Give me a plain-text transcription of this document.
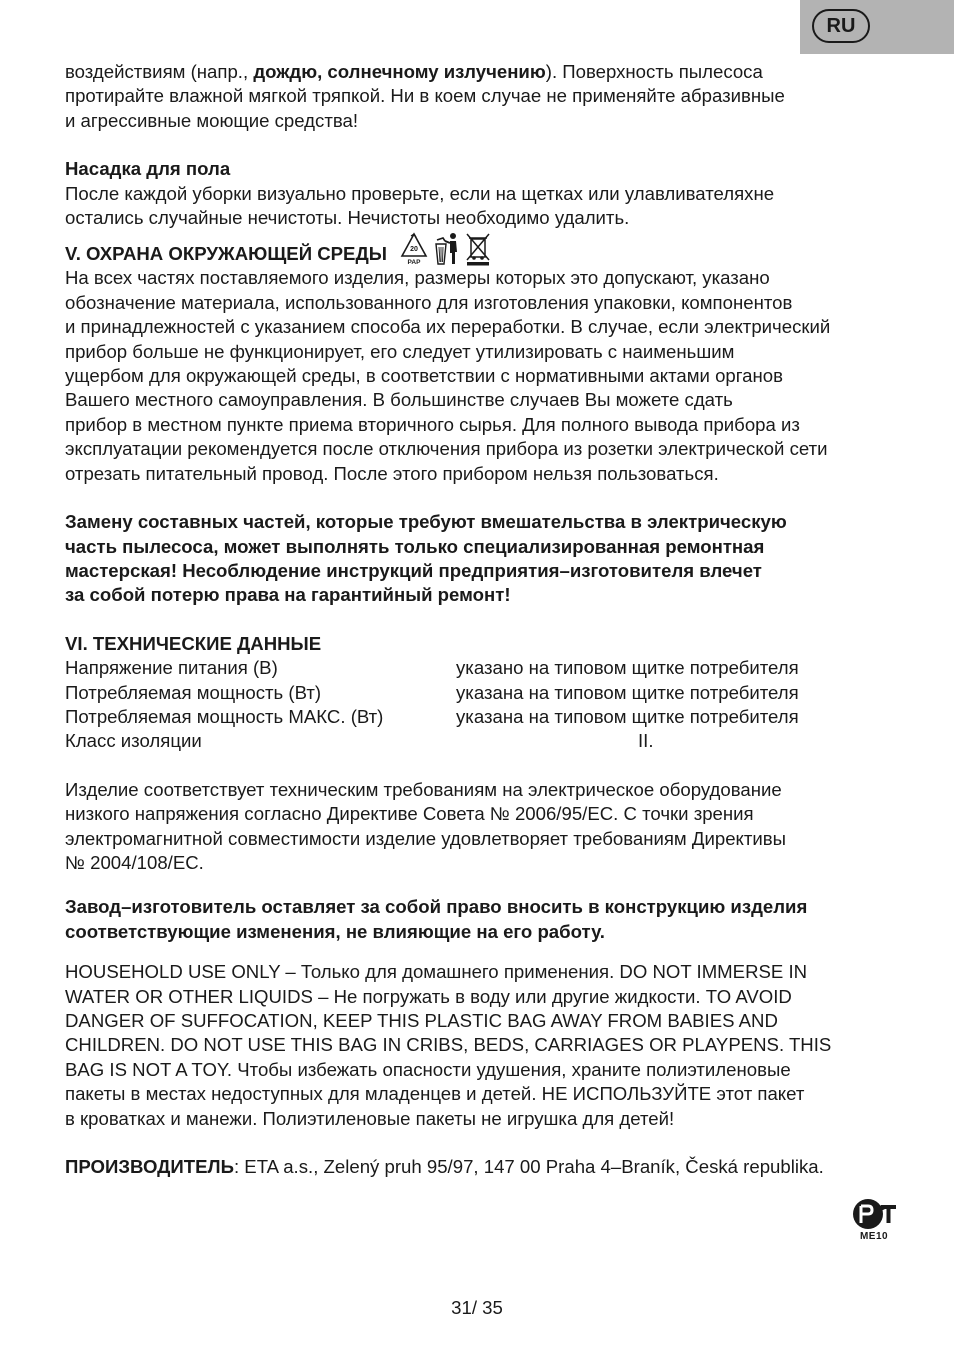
RU

воздействиям (напр., дождю, солнечному излучению). Поверхность пылесоса

протирайте влажной мягкой тряпкой. Ни в коем случае не применяйте абразивные

и агрессивные моющие средства!

Насадка для пола

После каждой уборки визуально проверьте, если на щетках или улавливателяхне

остались случайные нечистоты. Нечистоты необходимо удалить.

V. ОХРАНА ОКРУЖАЮЩЕЙ СРЕДЫ	20
PAP

На всех частях поставляемого изделия, размеры которых это допускают, указано

обозначение материала, использованного для изготовления упаковки, компонентов

и принадлежностей с указанием способа их переработки. В случае, если электрический

прибор больше не функционирует, его следует утилизировать с наименьшим

ущербом для окружающей среды, в соответствии с нормативными актами органов

Вашего местного самоуправления. В большинстве случаев Вы можете сдать

прибор в местном пункте приема вторичного сырья. Для полного вывода прибора из

эксплуатации рекомендуется после отключения прибора из розетки электрической сети

отрезать питательный провод. После этого прибором нельзя пользоваться.

Замену составных частей, которые требуют вмешательства в электрическую

часть пылесоса, может выполнять только специализированная ремонтная

мастерская! Несоблюдение инструкций предприятия–изготовителя влечет

за собой потерю права на гарантийный ремонт!

VI. ТЕХНИЧЕСКИЕ ДАННЫЕ

Напряжение питания (В)	указано на типовом щитке потребителя
Потребляемая мощность (Вт)	указана на типовом щитке потребителя
Потребляемая мощность МАКС. (Вт)	указана на типовом щитке потребителя
Класс изоляции	II.

Изделие соответствует техническим требованиям на электрическое оборудование

низкого напряжения согласно Директиве Совета № 2006/95/ЕС. С точки зрения

электромагнитной совместимости изделие удовлетворяет требованиям Директивы

№ 2004/108/ЕС.

Завод–изготовитель оставляет за собой право вносить в конструкцию изделия

соответствующие изменения, не влияющие на его работу.

HOUSEHOLD USE ONLY – Только для домашнего применения. DO NOT IMMERSE IN

WATER OR OTHER LIQUIDS – Не погружать в воду или другие жидкости. TO AVOID

DANGER OF SUFFOCATION, KEEP THIS PLASTIC BAG AWAY FROM BABIES AND

CHILDREN. DO NOT USE THIS BAG IN CRIBS, BEDS, CARRIAGES OR PLAYPENS. THIS

BAG IS NOT A TOY. Чтобы избежать опасности удушения, храните полиэтиленовые

пакеты в местах недоступных для младенцев и детей. НЕ ИСПОЛЬЗУЙТЕ этот пакет

в кроватках и манежи. Полиэтиленовые пакеты не игрушка для детей!

ПРОИЗВОДИТЕЛЬ: ETA a.s., Zelený pruh 95/97, 147 00 Praha 4–Braník, Česká republika.

МЕ10
31/ 35
